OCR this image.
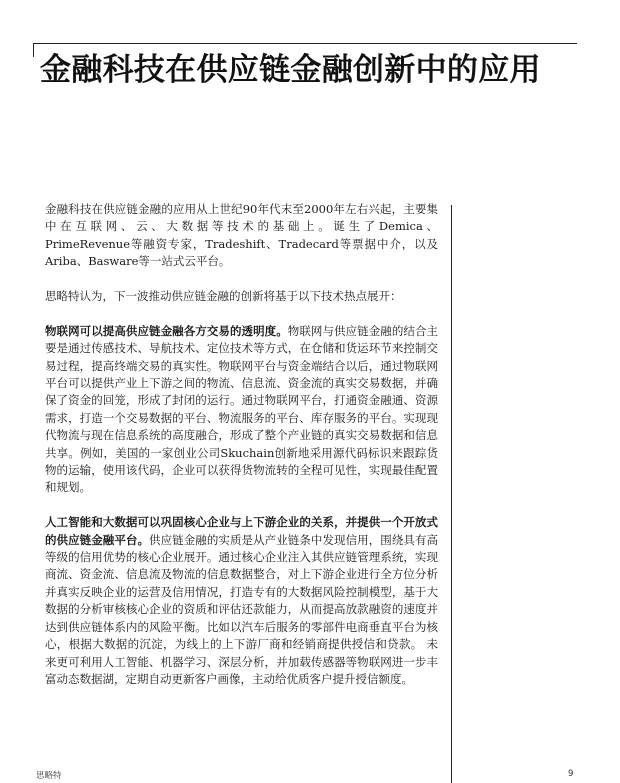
金融科技在供应链金融创新中的应用

金融科技在供应链金融的应用从上世纪90年代末至2000年左右兴起，主要集中在互联网、云、大数据等技术的基础上。诞生了Demica、PrimeRevenue等融资专家，Tradeshift、Tradecard等票据中介，以及Ariba、Basware等一站式云平台。

思略特认为，下一波推动供应链金融的创新将基于以下技术热点展开：

物联网可以提高供应链金融各方交易的透明度。物联网与供应链金融的结合主要是通过传感技术、导航技术、定位技术等方式，在仓储和货运环节来控制交易过程，提高终端交易的真实性。物联网平台与资金端结合以后，通过物联网平台可以提供产业上下游之间的物流、信息流、资金流的真实交易数据，并确保了资金的回笼，形成了封闭的运行。通过物联网平台，打通资金融通、资源需求，打造一个交易数据的平台、物流服务的平台、库存服务的平台。实现现代物流与现在信息系统的高度融合，形成了整个产业链的真实交易数据和信息共享。例如，美国的一家创业公司Skuchain创新地采用源代码标识来跟踪货物的运输，使用该代码，企业可以获得货物流转的全程可见性，实现最佳配置和规划。

人工智能和大数据可以巩固核心企业与上下游企业的关系，并提供一个开放式的供应链金融平台。供应链金融的实质是从产业链条中发现信用，围绕具有高等级的信用优势的核心企业展开。通过核心企业注入其供应链管理系统，实现商流、资金流、信息流及物流的信息数据整合，对上下游企业进行全方位分析并真实反映企业的运营及信用情况，打造专有的大数据风险控制模型，基于大数据的分析审核核心企业的资质和评估还款能力，从而提高放款融资的速度并达到供应链体系内的风险平衡。比如以汽车后服务的零部件电商垂直平台为核心，根据大数据的沉淀，为线上的上下游厂商和经销商提供授信和贷款。 未来更可利用人工智能、机器学习、深层分析，并加载传感器等物联网进一步丰富动态数据湖，定期自动更新客户画像，主动给优质客户提升授信额度。

思略特	9
